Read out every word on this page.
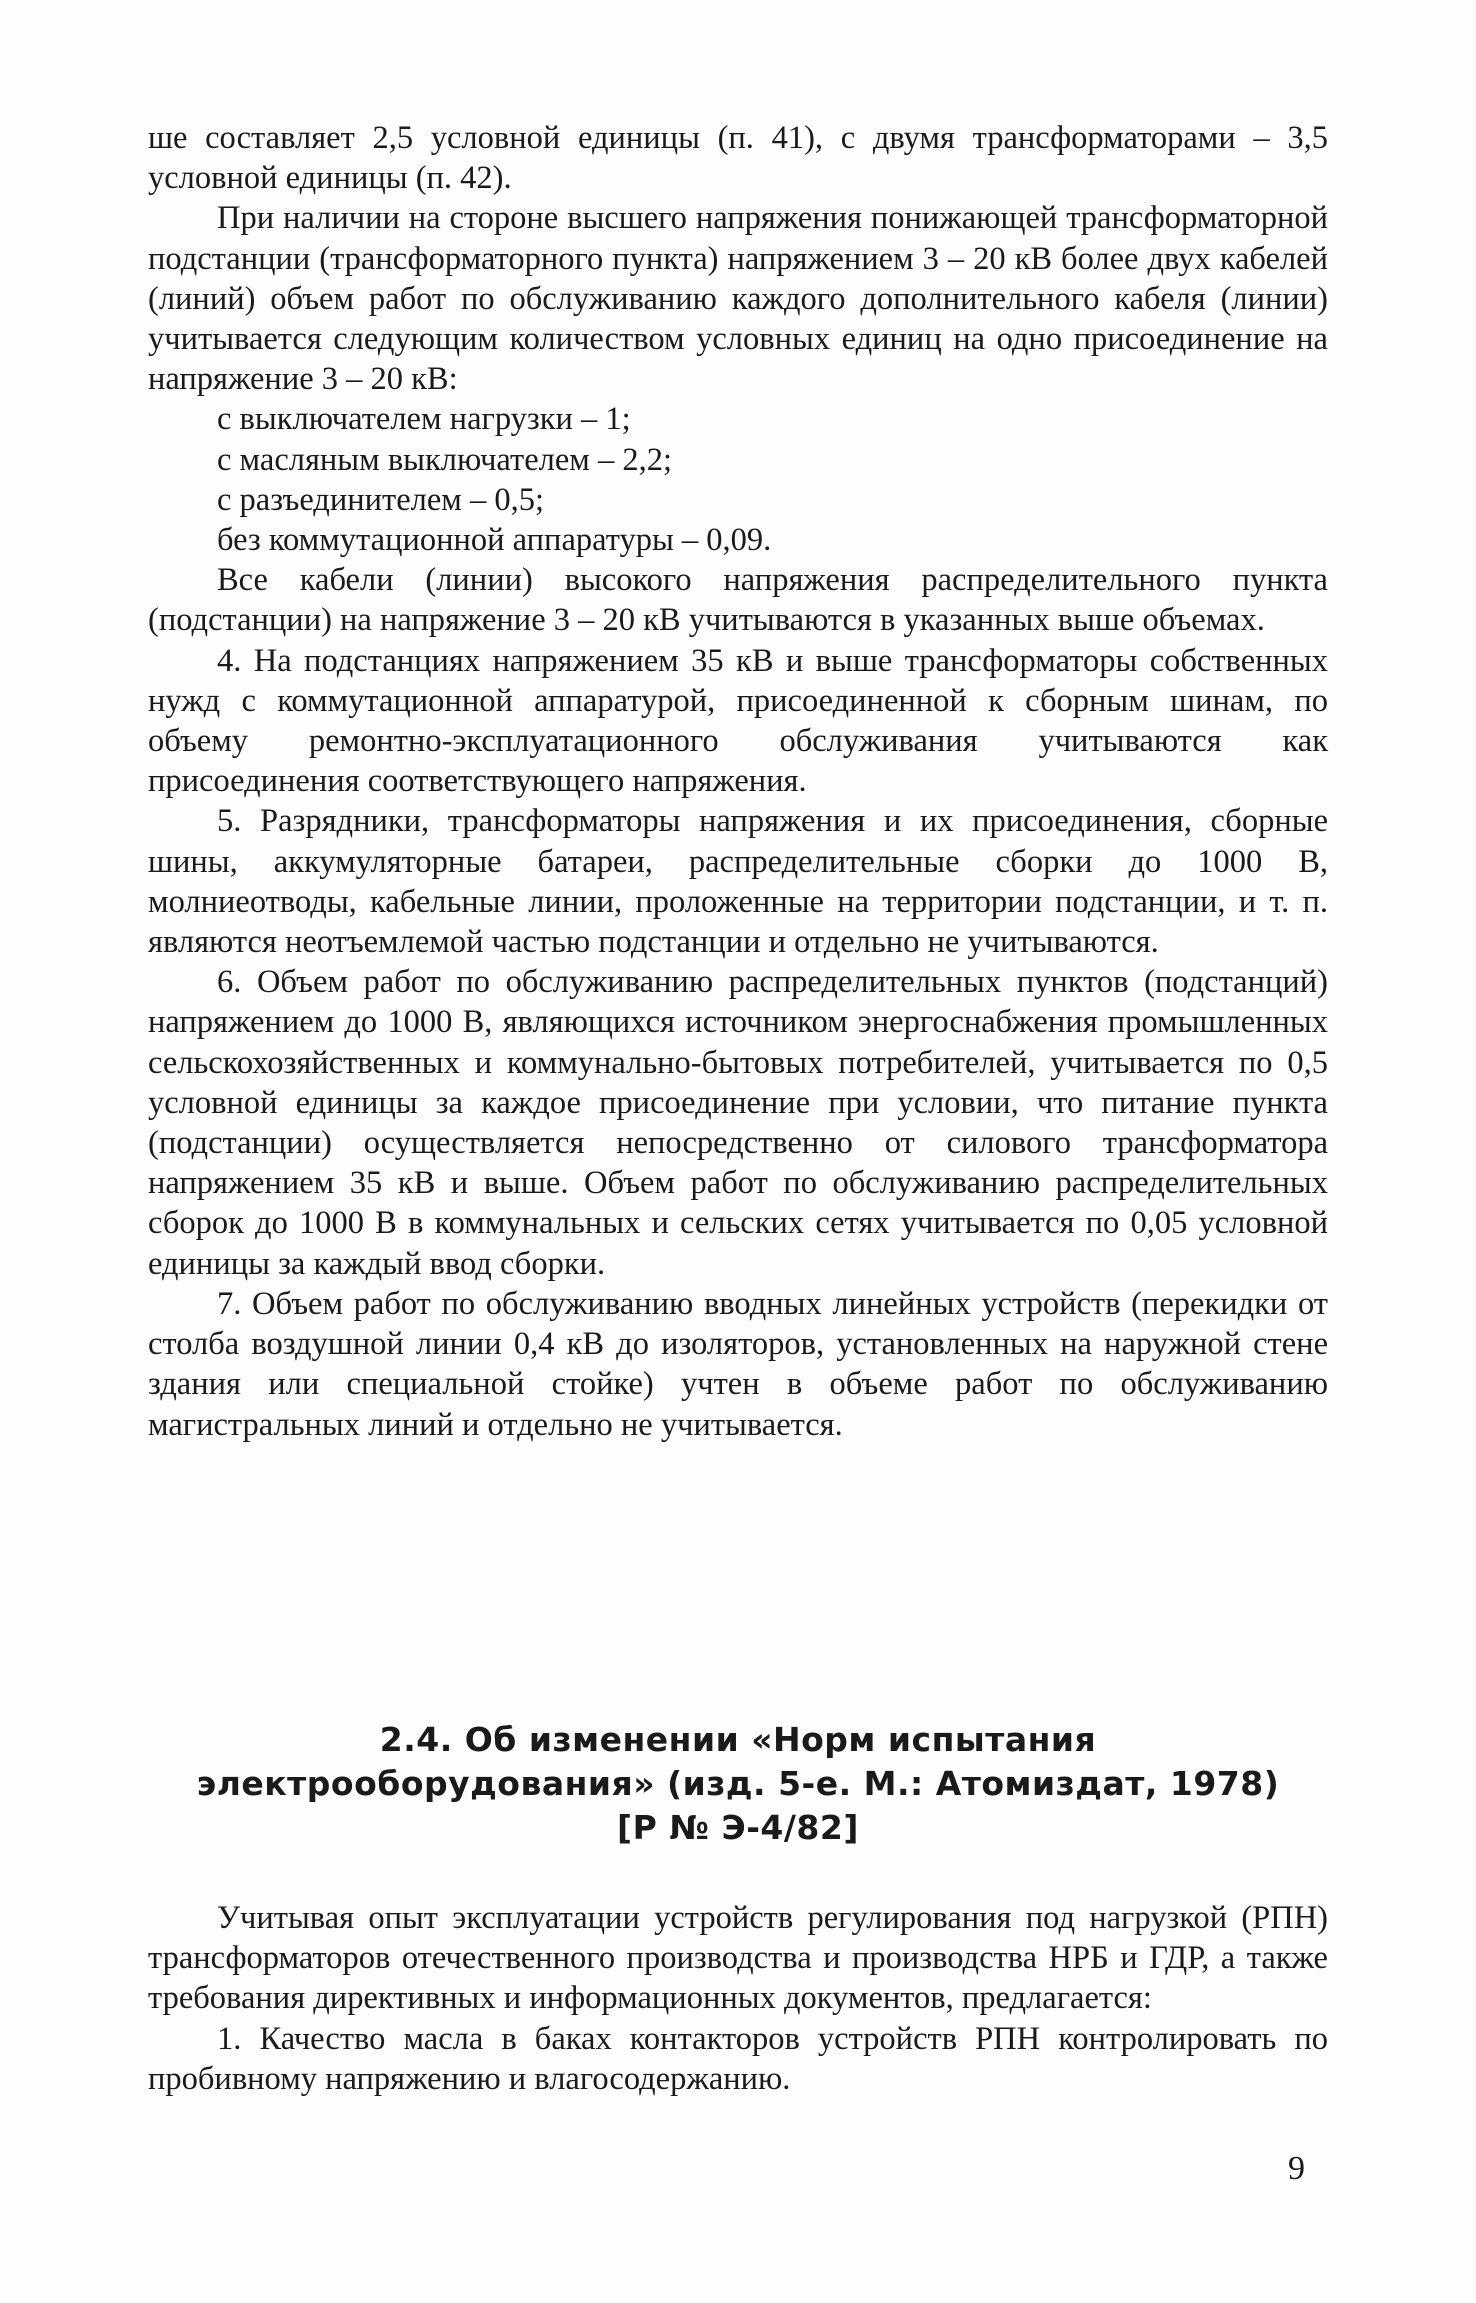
ше составляет 2,5 условной единицы (п. 41), с двумя трансформаторами – 3,5 условной единицы (п. 42).

При наличии на стороне высшего напряжения понижающей трансформаторной подстанции (трансформаторного пункта) напряжением 3 – 20 кВ более двух кабелей (линий) объем работ по обслуживанию каждого дополнительного кабеля (линии) учитывается следующим количеством условных единиц на одно присоединение на напряжение 3 – 20 кВ:

с выключателем нагрузки – 1;

с масляным выключателем – 2,2;

с разъединителем – 0,5;

без коммутационной аппаратуры – 0,09.

Все кабели (линии) высокого напряжения распределительного пункта (подстанции) на напряжение 3 – 20 кВ учитываются в указанных выше объемах.

4. На подстанциях напряжением 35 кВ и выше трансформаторы собственных нужд с коммутационной аппаратурой, присоединенной к сборным шинам, по объему ремонтно-эксплуатационного обслуживания учитываются как присоединения соответствующего напряжения.

5. Разрядники, трансформаторы напряжения и их присоединения, сборные шины, аккумуляторные батареи, распределительные сборки до 1000 В, молниеотводы, кабельные линии, проложенные на территории подстанции, и т. п. являются неотъемлемой частью подстанции и отдельно не учитываются.

6. Объем работ по обслуживанию распределительных пунктов (подстанций) напряжением до 1000 В, являющихся источником энергоснабжения промышленных сельскохозяйственных и коммунально-бытовых потребителей, учитывается по 0,5 условной единицы за каждое присоединение при условии, что питание пункта (подстанции) осуществляется непосредственно от силового трансформатора напряжением 35 кВ и выше. Объем работ по обслуживанию распределительных сборок до 1000 В в коммунальных и сельских сетях учитывается по 0,05 условной единицы за каждый ввод сборки.

7. Объем работ по обслуживанию вводных линейных устройств (перекидки от столба воздушной линии 0,4 кВ до изоляторов, установленных на наружной стене здания или специальной стойке) учтен в объеме работ по обслуживанию магистральных линий и отдельно не учитывается.

2.4. Об изменении «Норм испытания
электрооборудования» (изд. 5-е. М.: Атомиздат, 1978)
[Р № Э-4/82]

Учитывая опыт эксплуатации устройств регулирования под нагрузкой (РПН) трансформаторов отечественного производства и производства НРБ и ГДР, а также требования директивных и информационных документов, предлагается:

1. Качество масла в баках контакторов устройств РПН контролировать по пробивному напряжению и влагосодержанию.

9
